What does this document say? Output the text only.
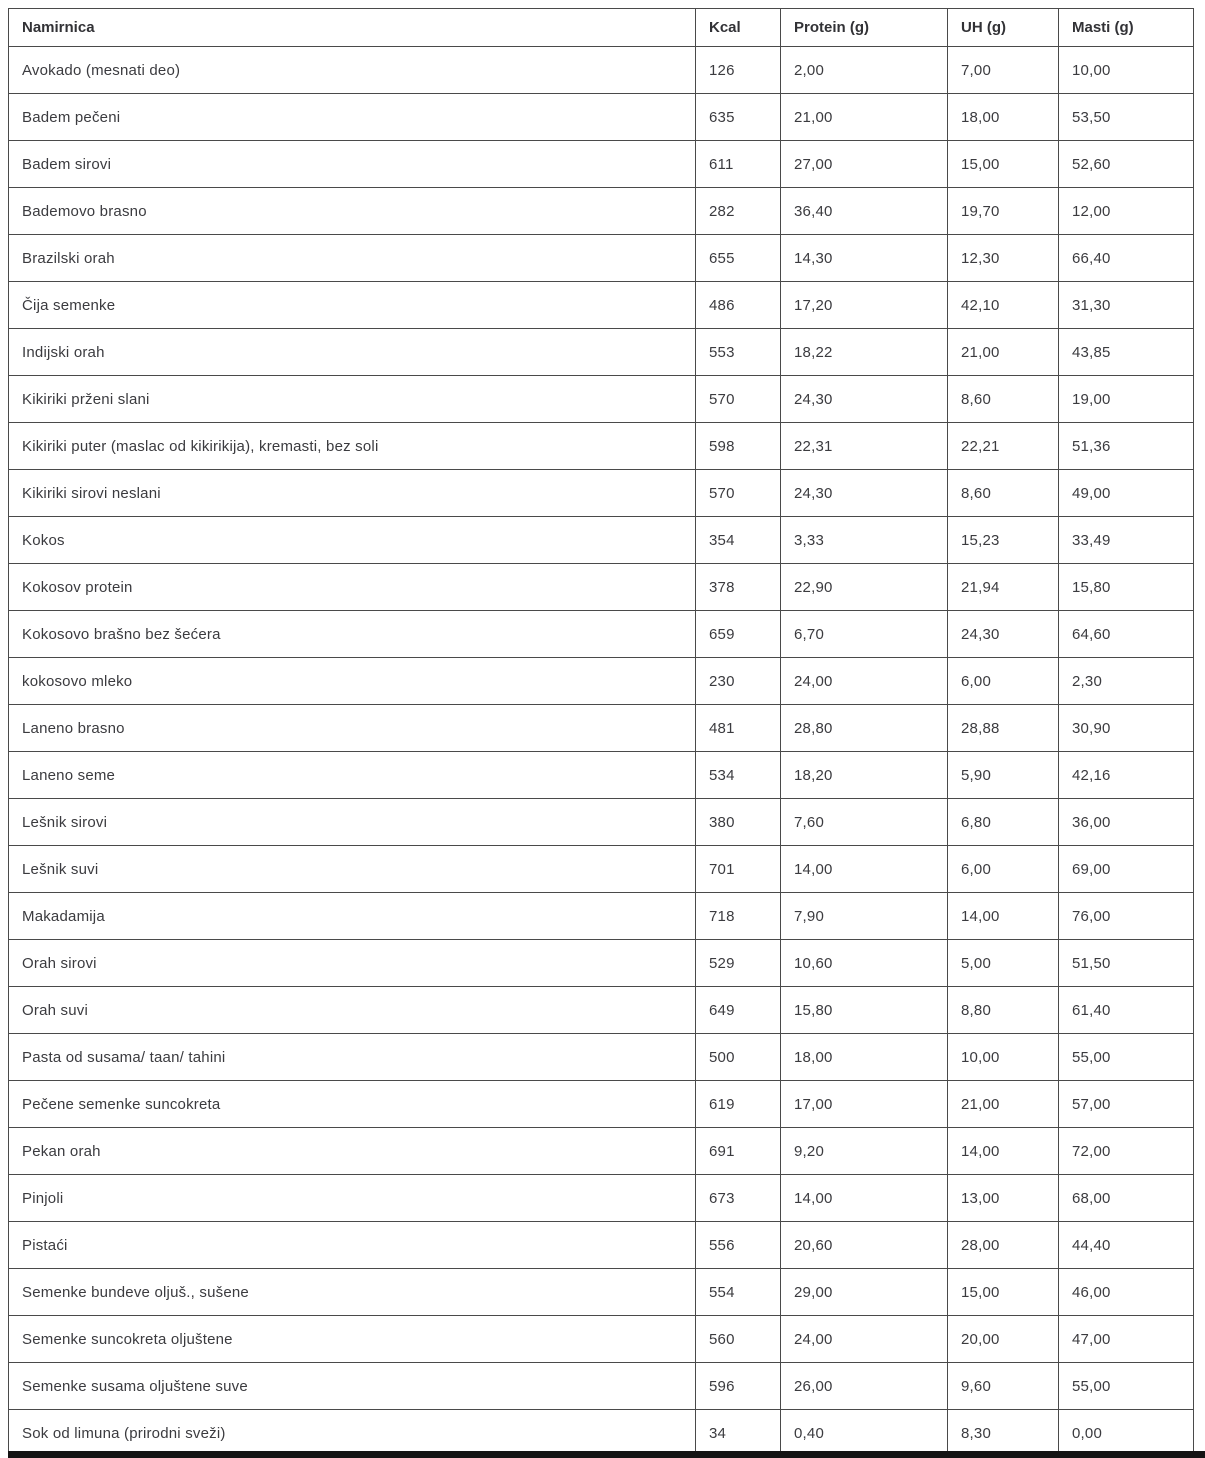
Namirnica	Kcal	Protein (g)	UH (g)	Masti (g)
Avokado (mesnati deo)	126	2,00	7,00	10,00
Badem pečeni	635	21,00	18,00	53,50
Badem sirovi	611	27,00	15,00	52,60
Bademovo brasno	282	36,40	19,70	12,00
Brazilski orah	655	14,30	12,30	66,40
Čija semenke	486	17,20	42,10	31,30
Indijski orah	553	18,22	21,00	43,85
Kikiriki prženi slani	570	24,30	8,60	19,00
Kikiriki puter (maslac od kikirikija), kremasti, bez soli	598	22,31	22,21	51,36
Kikiriki sirovi neslani	570	24,30	8,60	49,00
Kokos	354	3,33	15,23	33,49
Kokosov protein	378	22,90	21,94	15,80
Kokosovo brašno bez šećera	659	6,70	24,30	64,60
kokosovo mleko	230	24,00	6,00	2,30
Laneno brasno	481	28,80	28,88	30,90
Laneno seme	534	18,20	5,90	42,16
Lešnik sirovi	380	7,60	6,80	36,00
Lešnik suvi	701	14,00	6,00	69,00
Makadamija	718	7,90	14,00	76,00
Orah sirovi	529	10,60	5,00	51,50
Orah suvi	649	15,80	8,80	61,40
Pasta od susama/ taan/ tahini	500	18,00	10,00	55,00
Pečene semenke suncokreta	619	17,00	21,00	57,00
Pekan orah	691	9,20	14,00	72,00
Pinjoli	673	14,00	13,00	68,00
Pistaći	556	20,60	28,00	44,40
Semenke bundeve oljuš., sušene	554	29,00	15,00	46,00
Semenke suncokreta oljuštene	560	24,00	20,00	47,00
Semenke susama oljuštene suve	596	26,00	9,60	55,00
Sok od limuna (prirodni sveži)	34	0,40	8,30	0,00
